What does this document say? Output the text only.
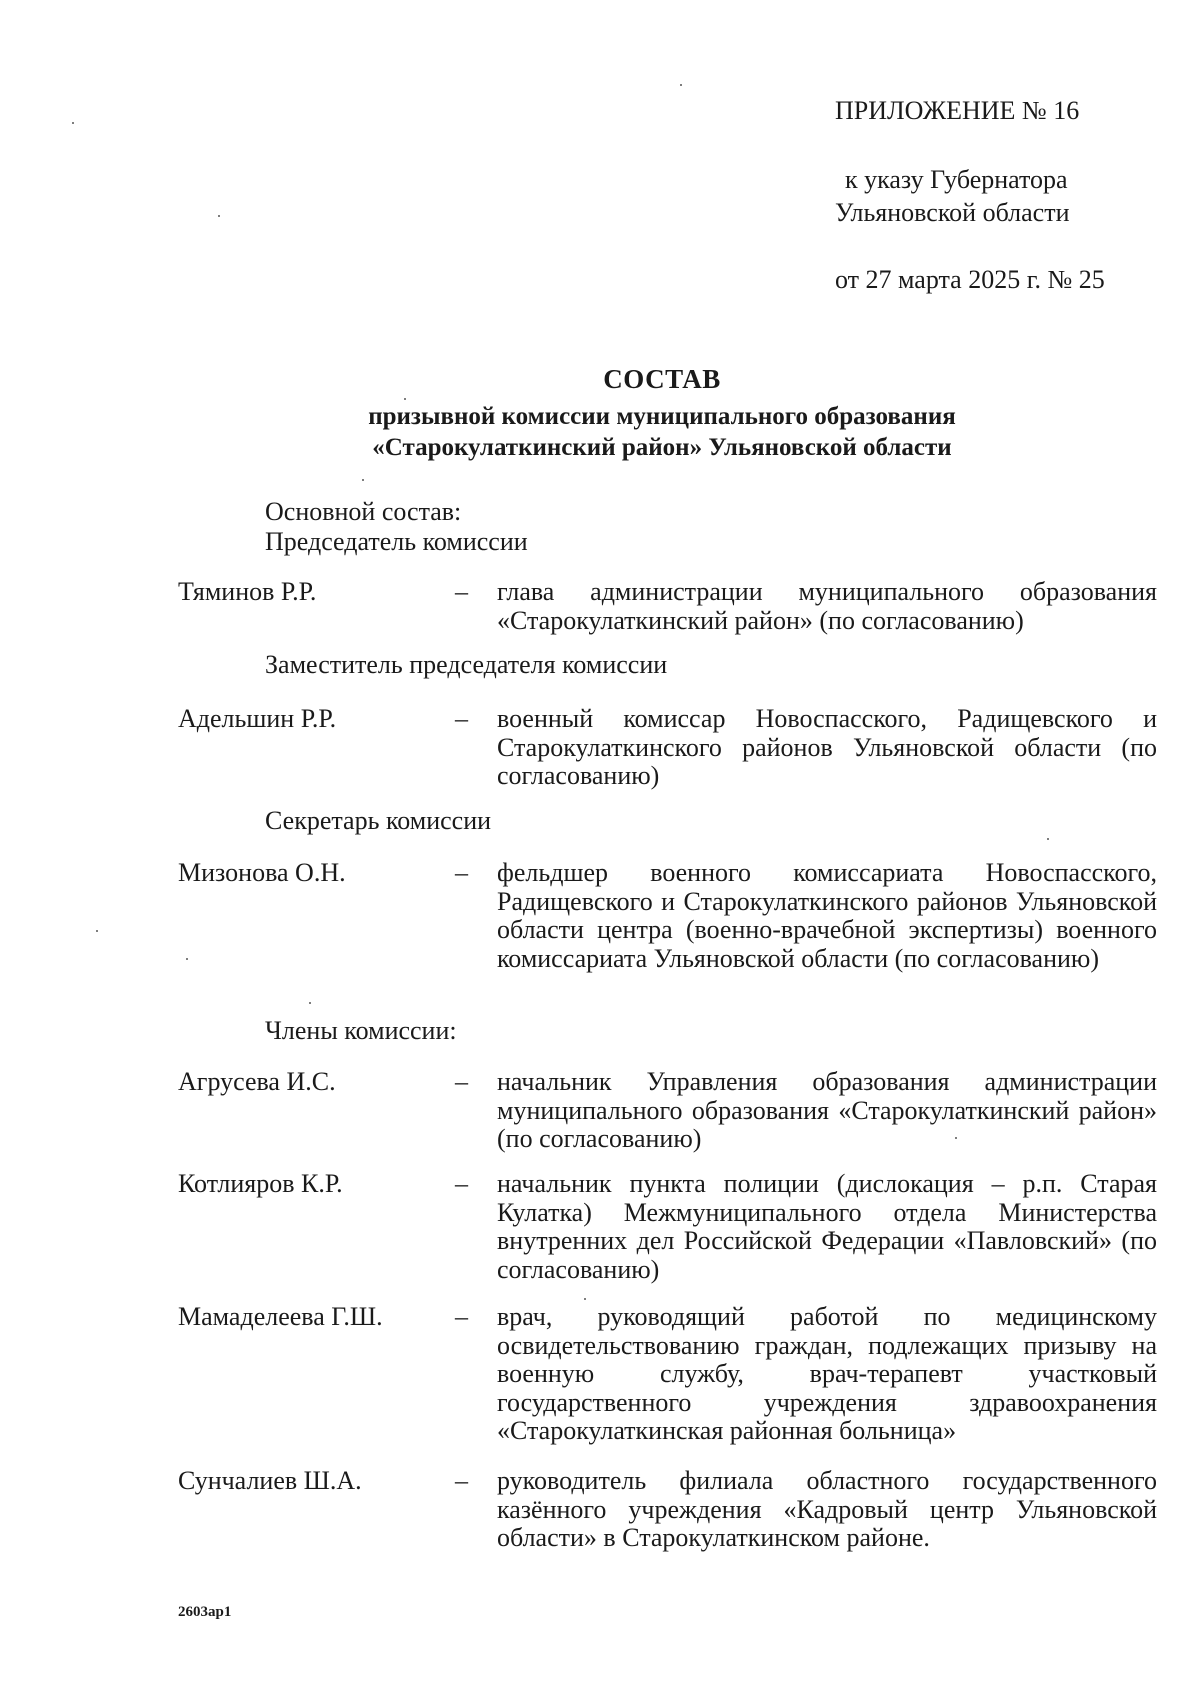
ПРИЛОЖЕНИЕ № 16
к указу Губернатора
Ульяновской области
от 27 марта 2025 г. № 25
СОСТАВ
призывной комиссии муниципального образования
«Старокулаткинский район» Ульяновской области
Основной состав:
Председатель комиссии
Тяминов Р.Р.	– глава администрации муниципального образования «Старокулаткинский район» (по согласованию)
Заместитель председателя комиссии
Адельшин Р.Р.	– военный комиссар Новоспасского, Радищевского и Старокулаткинского районов Ульяновской области (по согласованию)
Секретарь комиссии
Мизонова О.Н.	– фельдшер военного комиссариата Новоспасского, Радищевского и Старокулаткинского районов Ульяновской области центра (военно-врачебной экспертизы) военного комиссариата Ульяновской области (по согласованию)
Члены комиссии:
Агрусева И.С.	– начальник Управления образования администрации муниципального образования «Старокулаткинский район» (по согласованию)
Котлияров К.Р.	– начальник пункта полиции (дислокация – р.п. Старая Кулатка) Межмуниципального отдела Министерства внутренних дел Российской Федерации «Павловский» (по согласованию)
Мамаделеева Г.Ш.	– врач, руководящий работой по медицинскому освидетельствованию граждан, подлежащих призыву на военную службу, врач-терапевт участковый государственного учреждения здравоохранения «Старокулаткинская районная больница»
Сунчалиев Ш.А.	– руководитель филиала областного государственного казённого учреждения «Кадровый центр Ульяновской области» в Старокулаткинском районе.
2603ар1
